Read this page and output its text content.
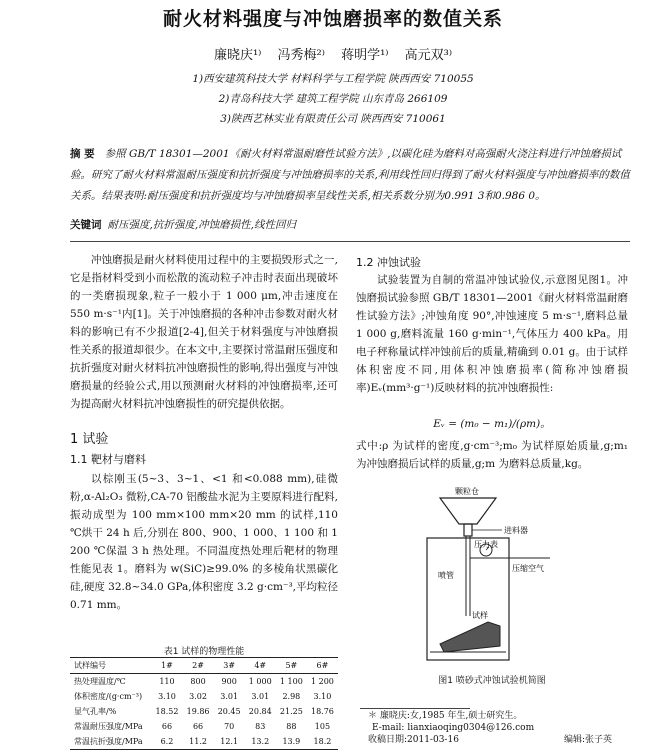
耐火材料强度与冲蚀磨损率的数值关系
廉晓庆¹⁾ 冯秀梅²⁾ 蒋明学¹⁾ 高元双³⁾
1)西安建筑科技大学 材料科学与工程学院 陕西西安 710055
2)青岛科技大学 建筑工程学院 山东青岛 266109
3)陕西艺林实业有限责任公司 陕西西安 710061
摘 要 参照 GB/T 18301—2001《耐火材料常温耐磨性试验方法》,以碳化硅为磨料对高强耐火浇注料进行冲蚀磨损试验。研究了耐火材料常温耐压强度和抗折强度与冲蚀磨损率的关系,利用线性回归得到了耐火材料强度与冲蚀磨损率的数值关系。结果表明:耐压强度和抗折强度均与冲蚀磨损率呈线性关系,相关系数分别为0.991 3和0.986 0。
关键词 耐压强度,抗折强度,冲蚀磨损性,线性回归

冲蚀磨损是耐火材料使用过程中的主要损毁形式之一,它是指材料受到小而松散的流动粒子冲击时表面出现破坏的一类磨损现象,粒子一般小于 1 000 μm,冲击速度在 550 m·s⁻¹内[1]。关于冲蚀磨损的各种冲击参数对耐火材料的影响已有不少报道[2-4],但关于材料强度与冲蚀磨损性关系的报道却很少。在本文中,主要探讨常温耐压强度和抗折强度对耐火材料抗冲蚀磨损性的影响,得出强度与冲蚀磨损量的经验公式,用以预测耐火材料的冲蚀磨损率,还可为提高耐火材料抗冲蚀磨损性的研究提供依据。

1 试验
1.1 靶材与磨料

以棕刚玉(5~3、3~1、<1 和<0.088 mm),硅微粉,α-Al₂O₃ 微粉,CA-70 铝酸盐水泥为主要原料进行配料,振动成型为 100 mm×100 mm×20 mm 的试样,110 ℃烘干 24 h 后,分别在 800、900、1 000、1 100 和 1 200 ℃保温 3 h 热处理。不同温度热处理后靶材的物理性能见表 1。磨料为 w(SiC)≥99.0% 的多棱角状黑碳化硅,硬度 32.8~34.0 GPa,体积密度 3.2 g·cm⁻³,平均粒径 0.71 mm。

表1 试样的物理性能
试样编号	1#	2#	3#	4#	5#	6#
热处理温度/℃	110	800	900	1 000	1 100	1 200
体积密度/(g·cm⁻³)	3.10	3.02	3.01	3.01	2.98	3.10
显气孔率/%	18.52	19.86	20.45	20.84	21.25	18.76
常温耐压强度/MPa	66	66	70	83	88	105
常温抗折强度/MPa	6.2	11.2	12.1	13.2	13.9	18.2
1.2 冲蚀试验

试验装置为自制的常温冲蚀试验仪,示意图见图1。冲蚀磨损试验参照 GB/T 18301—2001《耐火材料常温耐磨性试验方法》;冲蚀角度 90°,冲蚀速度 5 m·s⁻¹,磨料总量 1 000 g,磨料流量 160 g·min⁻¹,气体压力 400 kPa。用电子秤称量试样冲蚀前后的质量,精确到 0.01 g。由于试样体积密度不同,用体积冲蚀磨损率(简称冲蚀磨损率)Eᵥ(mm³·g⁻¹)反映材料的抗冲蚀磨损性:

Eᵥ = (m₀ − m₁)/(ρm)。

式中:ρ 为试样的密度,g·cm⁻³;m₀ 为试样原始质量,g;m₁ 为冲蚀磨损后试样的质量,g;m 为磨料总质量,kg。

颗粒仓
进料器
压力表
压缩空气
喷管
试样
图1 喷砂式冲蚀试验机简图
＊ 廉晓庆:女,1985 年生,硕士研究生。
E-mail: lianxiaoqing0304@126.com
收稿日期:2011-03-16	编辑:张子英
